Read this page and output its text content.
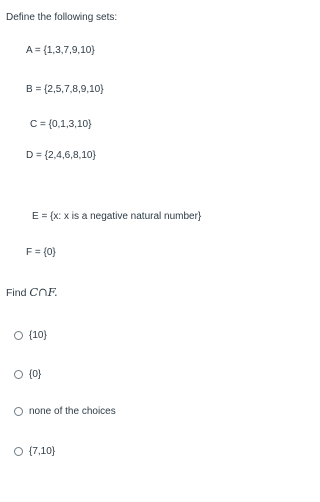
Define the following sets:
A = {1,3,7,9,10}
B = {2,5,7,8,9,10}
C = {0,1,3,10}
D = {2,4,6,8,10}
E = {x: x is a negative natural number}
F = {0}
Find C∩F.
{10}
{0}
none of the choices
{7,10}
